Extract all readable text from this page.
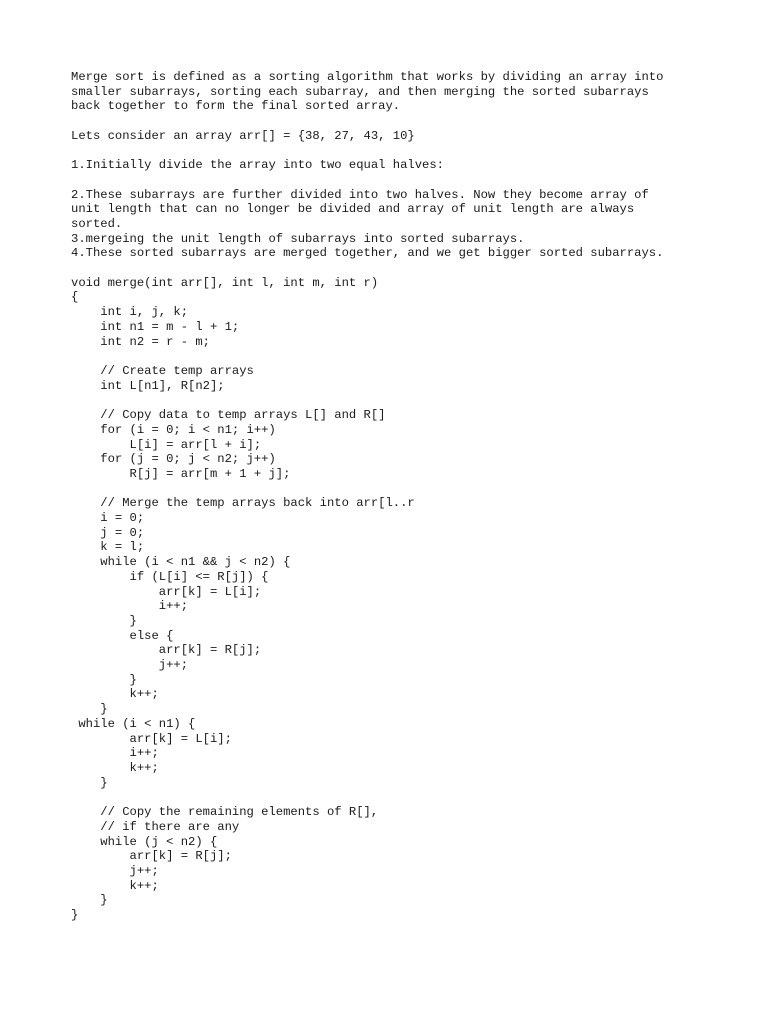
Merge sort is defined as a sorting algorithm that works by dividing an array into
smaller subarrays, sorting each subarray, and then merging the sorted subarrays
back together to form the final sorted array.
Lets consider an array arr[] = {38, 27, 43, 10}
1.Initially divide the array into two equal halves:
2.These subarrays are further divided into two halves. Now they become array of
unit length that can no longer be divided and array of unit length are always
sorted.
3.mergeing the unit length of subarrays into sorted subarrays.
4.These sorted subarrays are merged together, and we get bigger sorted subarrays.
void merge(int arr[], int l, int m, int r)
{
int i, j, k;
int n1 = m - l + 1;
int n2 = r - m;

// Create temp arrays
int L[n1], R[n2];

// Copy data to temp arrays L[] and R[]
for (i = 0; i < n1; i++)
L[i] = arr[l + i];
for (j = 0; j < n2; j++)
R[j] = arr[m + 1 + j];

// Merge the temp arrays back into arr[l..r
i = 0;
j = 0;
k = l;
while (i < n1 && j < n2) {
if (L[i] <= R[j]) {
arr[k] = L[i];
i++;
}
else {
arr[k] = R[j];
j++;
}
k++;
}
while (i < n1) {
arr[k] = L[i];
i++;
k++;
}

// Copy the remaining elements of R[],
// if there are any
while (j < n2) {
arr[k] = R[j];
j++;
k++;
}
}
